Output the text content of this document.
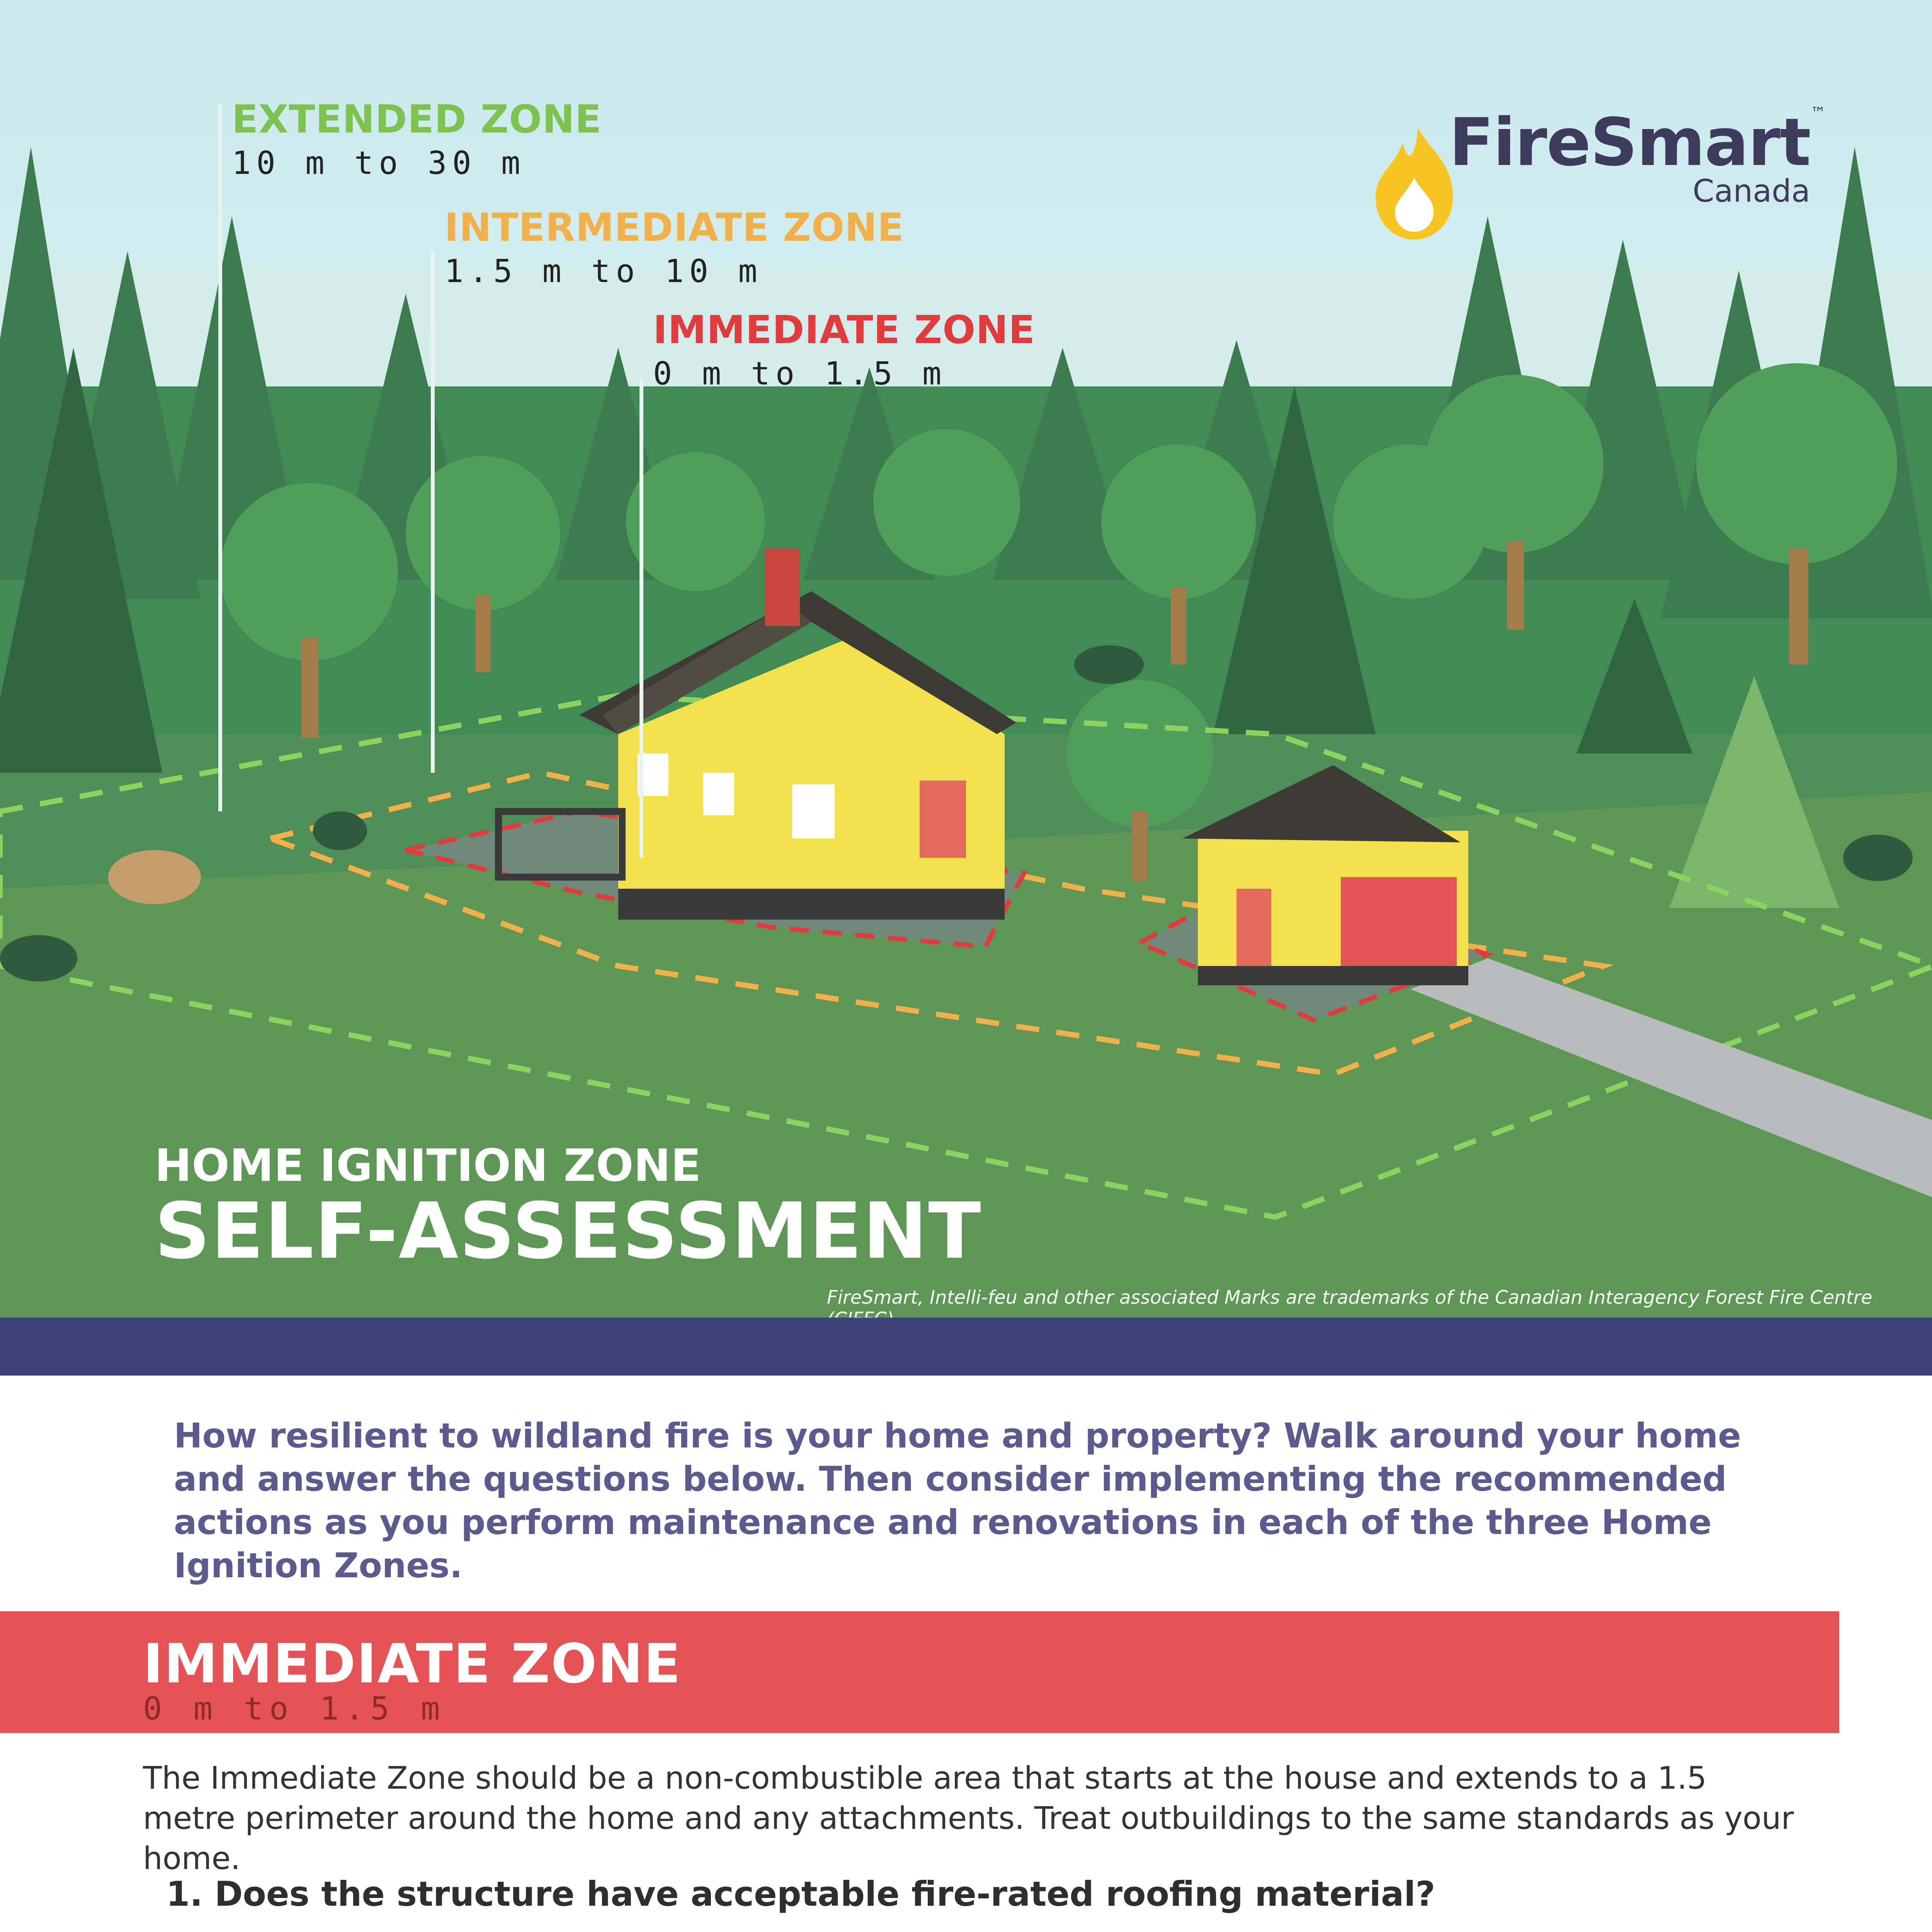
EXTENDED ZONE
10 m to 30 m
INTERMEDIATE ZONE
1.5 m to 10 m
IMMEDIATE ZONE
0 m to 1.5 m
FireSmart™
Canada
HOME IGNITION ZONE
SELF-ASSESSMENT
FireSmart, Intelli-feu and other associated Marks are trademarks of the Canadian Interagency Forest Fire Centre
How resilient to wildland fire is your home and property? Walk around your home and answer the questions below. Then consider implementing the recommended actions as you perform maintenance and renovations in each of the three Home Ignition Zones.
IMMEDIATE ZONE
0 m to 1.5 m
The Immediate Zone should be a non-combustible area that starts at the house and extends to a 1.5 metre perimeter around the home and any attachments. Treat outbuildings to the same standards as your home.
1. Does the structure have acceptable fire-rated roofing material?
